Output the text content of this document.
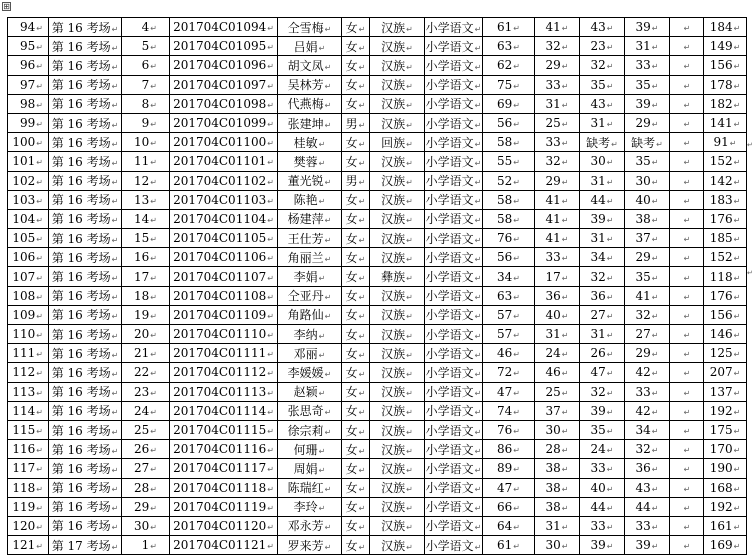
⊞
94↵	第 16 考场↵	4↵	201704C01094↵	仝雪梅↵	女↵	汉族↵	小学语文↵	61↵	41↵	43↵	39↵	↵	184↵
95↵	第 16 考场↵	5↵	201704C01095↵	吕娟↵	女↵	汉族↵	小学语文↵	63↵	32↵	23↵	31↵	↵	149↵
96↵	第 16 考场↵	6↵	201704C01096↵	胡文凤↵	女↵	汉族↵	小学语文↵	62↵	29↵	32↵	33↵	↵	156↵
97↵	第 16 考场↵	7↵	201704C01097↵	吴林芳↵	女↵	汉族↵	小学语文↵	75↵	33↵	35↵	35↵	↵	178↵
98↵	第 16 考场↵	8↵	201704C01098↵	代燕梅↵	女↵	汉族↵	小学语文↵	69↵	31↵	43↵	39↵	↵	182↵
99↵	第 16 考场↵	9↵	201704C01099↵	张建坤↵	男↵	汉族↵	小学语文↵	56↵	25↵	31↵	29↵	↵	141↵
100↵	第 16 考场↵	10↵	201704C01100↵	桂敏↵	女↵	回族↵	小学语文↵	58↵	33↵	缺考↵	缺考↵	↵	91↵
101↵	第 16 考场↵	11↵	201704C01101↵	樊蓉↵	女↵	汉族↵	小学语文↵	55↵	32↵	30↵	35↵	↵	152↵
102↵	第 16 考场↵	12↵	201704C01102↵	董光锐↵	男↵	汉族↵	小学语文↵	52↵	29↵	31↵	30↵	↵	142↵
103↵	第 16 考场↵	13↵	201704C01103↵	陈艳↵	女↵	汉族↵	小学语文↵	58↵	41↵	44↵	40↵	↵	183↵
104↵	第 16 考场↵	14↵	201704C01104↵	杨建萍↵	女↵	汉族↵	小学语文↵	58↵	41↵	39↵	38↵	↵	176↵
105↵	第 16 考场↵	15↵	201704C01105↵	王仕芳↵	女↵	汉族↵	小学语文↵	76↵	41↵	31↵	37↵	↵	185↵
106↵	第 16 考场↵	16↵	201704C01106↵	角丽兰↵	女↵	汉族↵	小学语文↵	56↵	33↵	34↵	29↵	↵	152↵
107↵	第 16 考场↵	17↵	201704C01107↵	李娟↵	女↵	彝族↵	小学语文↵	34↵	17↵	32↵	35↵	↵	118↵
108↵	第 16 考场↵	18↵	201704C01108↵	仝亚丹↵	女↵	汉族↵	小学语文↵	63↵	36↵	36↵	41↵	↵	176↵
109↵	第 16 考场↵	19↵	201704C01109↵	角路仙↵	女↵	汉族↵	小学语文↵	57↵	40↵	27↵	32↵	↵	156↵
110↵	第 16 考场↵	20↵	201704C01110↵	李纳↵	女↵	汉族↵	小学语文↵	57↵	31↵	31↵	27↵	↵	146↵
111↵	第 16 考场↵	21↵	201704C01111↵	邓丽↵	女↵	汉族↵	小学语文↵	46↵	24↵	26↵	29↵	↵	125↵
112↵	第 16 考场↵	22↵	201704C01112↵	李媛媛↵	女↵	汉族↵	小学语文↵	72↵	46↵	47↵	42↵	↵	207↵
113↵	第 16 考场↵	23↵	201704C01113↵	赵颖↵	女↵	汉族↵	小学语文↵	47↵	25↵	32↵	33↵	↵	137↵
114↵	第 16 考场↵	24↵	201704C01114↵	张思奇↵	女↵	汉族↵	小学语文↵	74↵	37↵	39↵	42↵	↵	192↵
115↵	第 16 考场↵	25↵	201704C01115↵	徐宗莉↵	女↵	汉族↵	小学语文↵	76↵	30↵	35↵	34↵	↵	175↵
116↵	第 16 考场↵	26↵	201704C01116↵	何珊↵	女↵	汉族↵	小学语文↵	86↵	28↵	24↵	32↵	↵	170↵
117↵	第 16 考场↵	27↵	201704C01117↵	周娟↵	女↵	汉族↵	小学语文↵	89↵	38↵	33↵	36↵	↵	190↵
118↵	第 16 考场↵	28↵	201704C01118↵	陈瑞红↵	女↵	汉族↵	小学语文↵	47↵	38↵	40↵	43↵	↵	168↵
119↵	第 16 考场↵	29↵	201704C01119↵	李玲↵	女↵	汉族↵	小学语文↵	66↵	38↵	44↵	44↵	↵	192↵
120↵	第 16 考场↵	30↵	201704C01120↵	邓永芳↵	女↵	汉族↵	小学语文↵	64↵	31↵	33↵	33↵	↵	161↵
121↵	第 17 考场↵	1↵	201704C01121↵	罗来芳↵	女↵	汉族↵	小学语文↵	61↵	30↵	39↵	39↵	↵	169↵
↵
↵
